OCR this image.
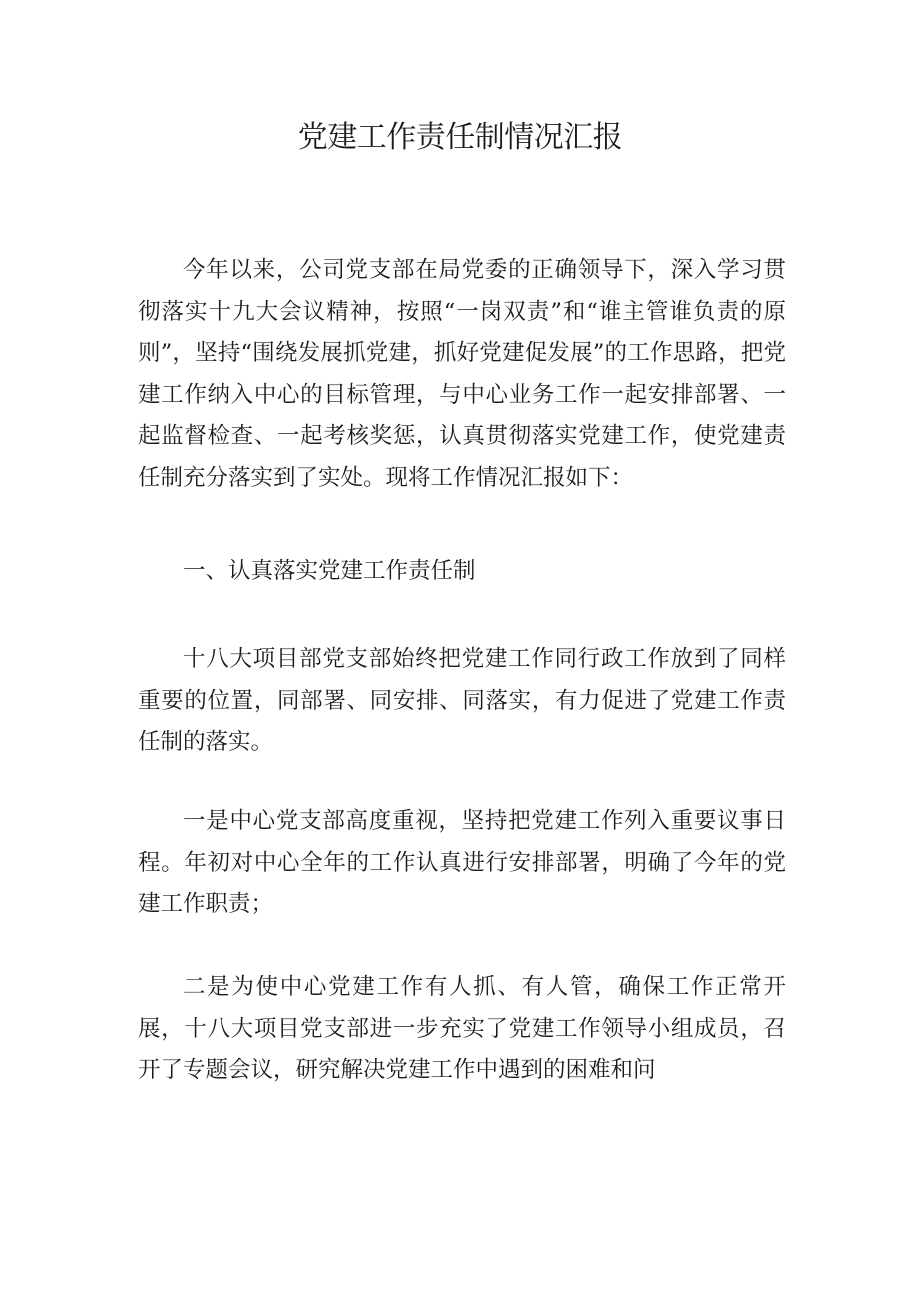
党建工作责任制情况汇报

今年以来，公司党支部在局党委的正确领导下，深入学习贯彻落实十九大会议精神，按照“一岗双责”和“谁主管谁负责的原则”，坚持“围绕发展抓党建，抓好党建促发展”的工作思路，把党建工作纳入中心的目标管理，与中心业务工作一起安排部署、一起监督检查、一起考核奖惩，认真贯彻落实党建工作，使党建责任制充分落实到了实处。现将工作情况汇报如下：

一、认真落实党建工作责任制

十八大项目部党支部始终把党建工作同行政工作放到了同样重要的位置，同部署、同安排、同落实，有力促进了党建工作责任制的落实。

一是中心党支部高度重视，坚持把党建工作列入重要议事日程。年初对中心全年的工作认真进行安排部署，明确了今年的党建工作职责；

二是为使中心党建工作有人抓、有人管，确保工作正常开展，十八大项目党支部进一步充实了党建工作领导小组成员，召开了专题会议，研究解决党建工作中遇到的困难和问
